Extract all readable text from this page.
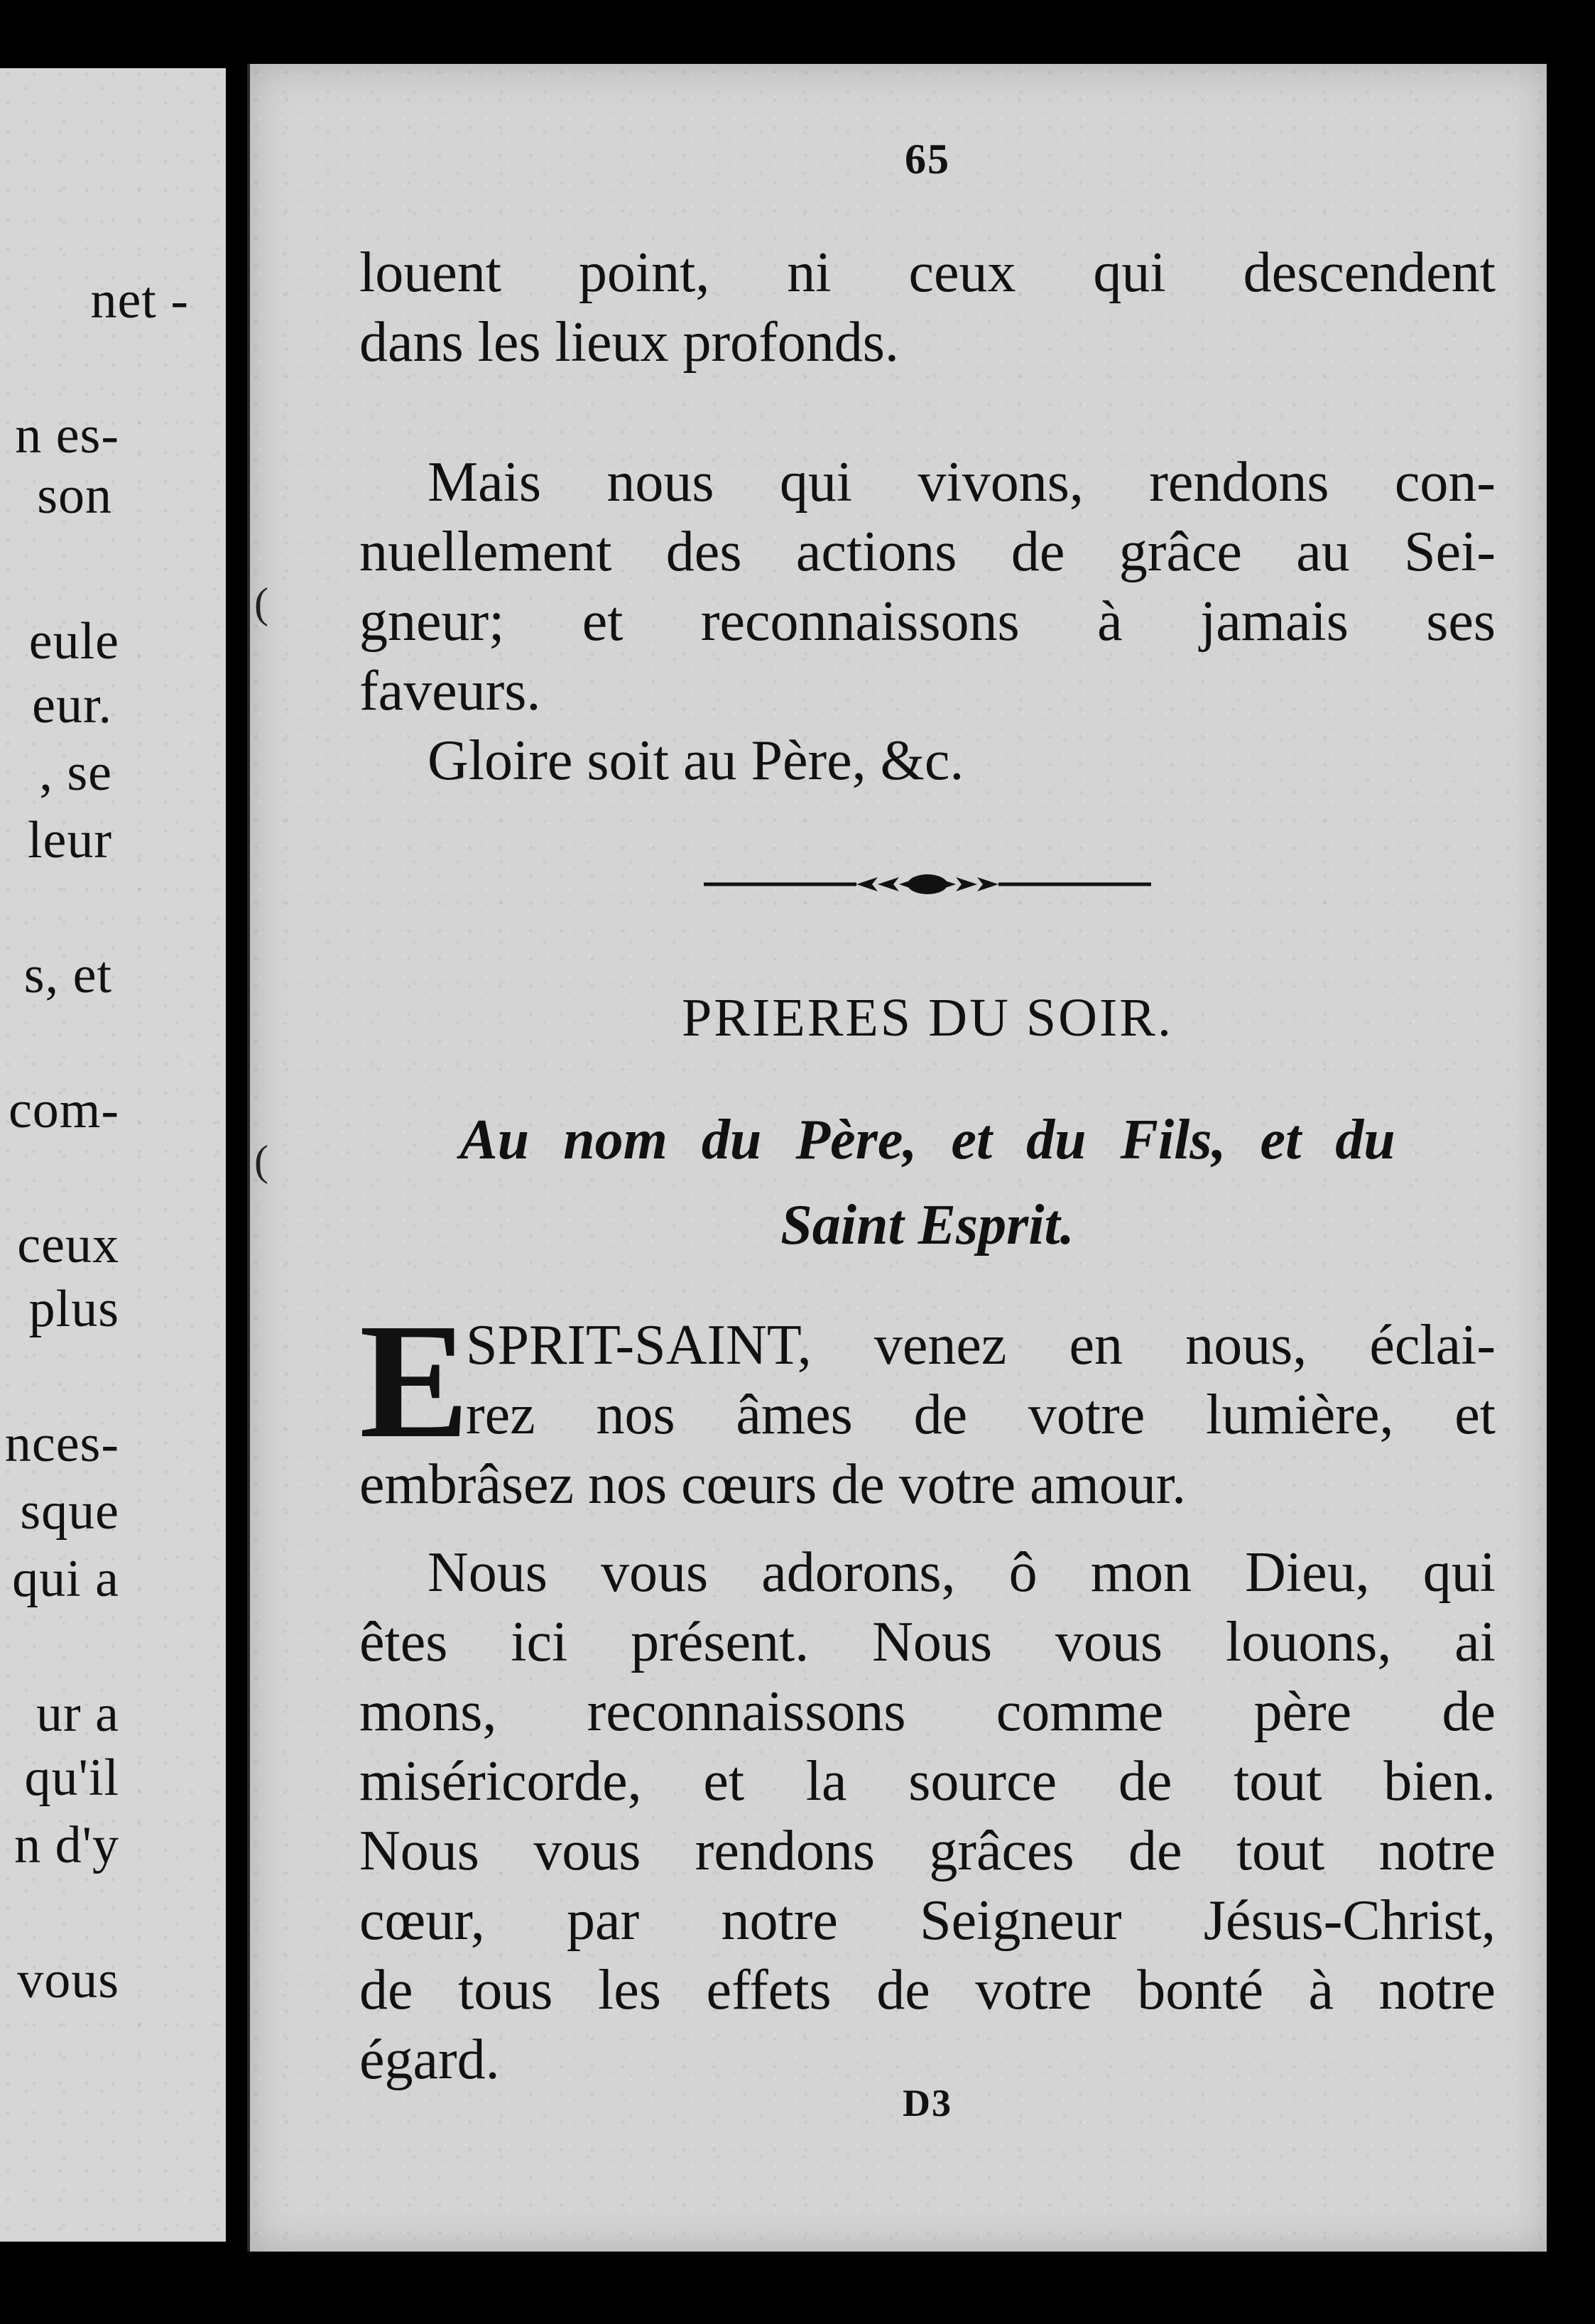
net -
n es-
son
eule
eur.
, se
leur
s, et
com-
ceux
plus
nces-
sque
qui a
ur a
qu'il
n d'y
vous
(
(
65
louent point, ni ceux qui descendent
dans les lieux profonds.
Mais nous qui vivons, rendons con-
nuellement des actions de grâce au Sei-
gneur; et reconnaissons à jamais ses
faveurs.
Gloire soit au Père, &c.
PRIERES DU SOIR.
Au nom du Père, et du Fils, et du
Saint Esprit.
E
SPRIT-SAINT, venez en nous, éclai-
rez nos âmes de votre lumière, et
embrâsez nos cœurs de votre amour.
Nous vous adorons, ô mon Dieu, qui
êtes ici présent. Nous vous louons, ai
mons, reconnaissons comme père de
miséricorde, et la source de tout bien.
Nous vous rendons grâces de tout notre
cœur, par notre Seigneur Jésus-Christ,
de tous les effets de votre bonté à notre
égard.
D3
